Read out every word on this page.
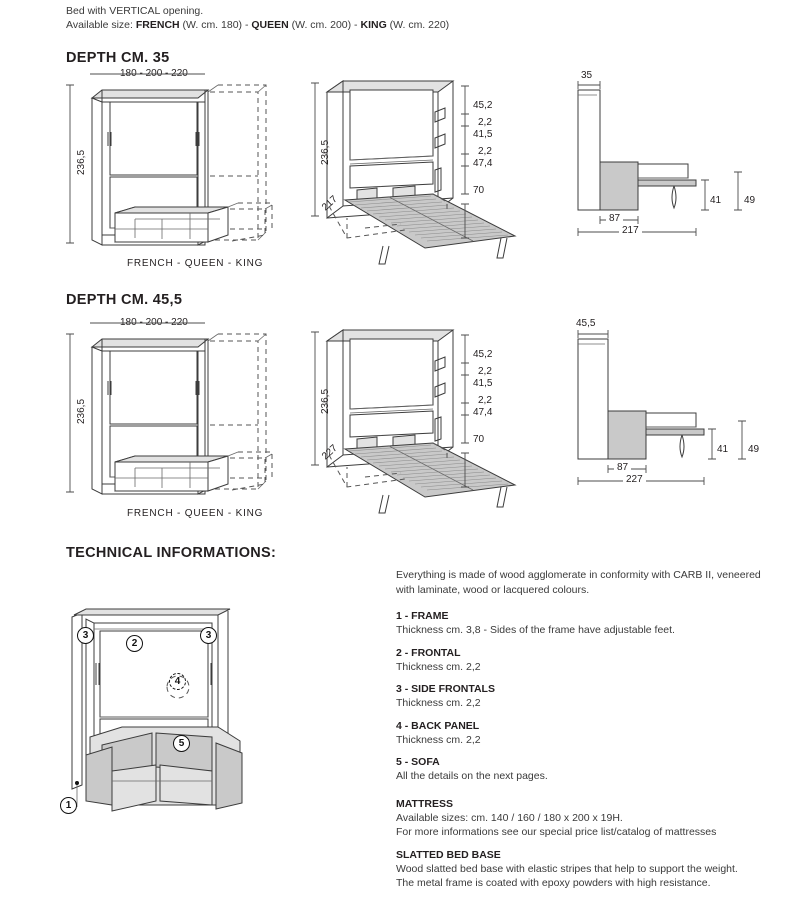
Bed with VERTICAL opening.
Available size: FRENCH (W. cm. 180) - QUEEN (W. cm. 200) - KING (W. cm. 220)
DEPTH CM. 35
180 - 200 - 220
236,5
FRENCH - QUEEN - KING
236,5
217
45,2
2,2
41,5
2,2
47,4
70
35
41 49
87
217
DEPTH CM. 45,5
180 - 200 - 220
236,5
FRENCH - QUEEN - KING
236,5
227
45,2
2,2
41,5
2,2
47,4
70
45,5
41 49
87
227
TECHNICAL INFORMATIONS:
3	3
2
4
5
1
Everything is made of wood agglomerate in conformity with CARB II, veneered with laminate, wood or lacquered colours.
1 - FRAME

Thickness cm. 3,8 - Sides of the frame have adjustable feet.

2 - FRONTAL

Thickness cm. 2,2

3 - SIDE FRONTALS

Thickness cm. 2,2

4 - BACK PANEL

Thickness cm. 2,2

5 - SOFA

All the details on the next pages.

MATTRESS

Available sizes: cm. 140 / 160 / 180 x 200 x 19H.

For more informations see our special price list/catalog of mattresses

SLATTED BED BASE

Wood slatted bed base with elastic stripes that help to support the weight.

The metal frame is coated with epoxy powders with high resistance.
